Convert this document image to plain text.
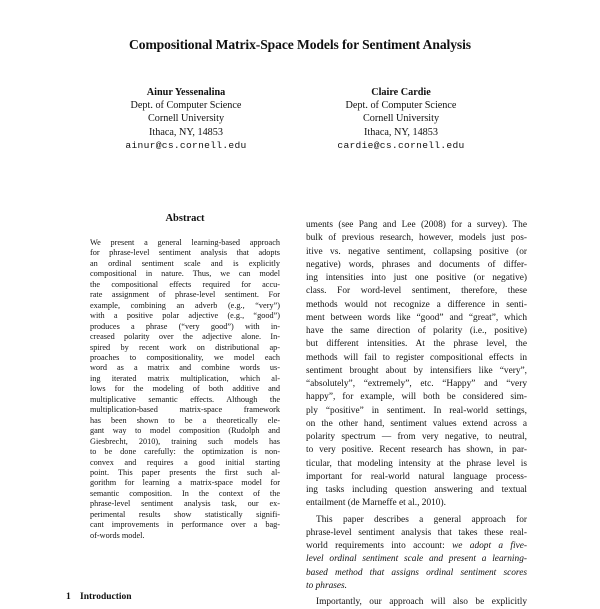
Compositional Matrix-Space Models for Sentiment Analysis
Ainur Yessenalina
Dept. of Computer Science
Cornell University
Ithaca, NY, 14853
ainur@cs.cornell.edu
Claire Cardie
Dept. of Computer Science
Cornell University
Ithaca, NY, 14853
cardie@cs.cornell.edu
Abstract
We present a general learning-based approach
for phrase-level sentiment analysis that adopts
an ordinal sentiment scale and is explicitly
compositional in nature. Thus, we can model
the compositional effects required for accu-
rate assignment of phrase-level sentiment. For
example, combining an adverb (e.g., “very”)
with a positive polar adjective (e.g., “good”)
produces a phrase (“very good”) with in-
creased polarity over the adjective alone. In-
spired by recent work on distributional ap-
proaches to compositionality, we model each
word as a matrix and combine words us-
ing iterated matrix multiplication, which al-
lows for the modeling of both additive and
multiplicative semantic effects. Although the
multiplication-based matrix-space framework
has been shown to be a theoretically ele-
gant way to model composition (Rudolph and
Giesbrecht, 2010), training such models has
to be done carefully: the optimization is non-
convex and requires a good initial starting
point. This paper presents the first such al-
gorithm for learning a matrix-space model for
semantic composition. In the context of the
phrase-level sentiment analysis task, our ex-
perimental results show statistically signifi-
cant improvements in performance over a bag-
of-words model.
uments (see Pang and Lee (2008) for a survey). The
bulk of previous research, however, models just pos-
itive vs. negative sentiment, collapsing positive (or
negative) words, phrases and documents of differ-
ing intensities into just one positive (or negative)
class. For word-level sentiment, therefore, these
methods would not recognize a difference in senti-
ment between words like “good” and “great”, which
have the same direction of polarity (i.e., positive)
but different intensities. At the phrase level, the
methods will fail to register compositional effects in
sentiment brought about by intensifiers like “very”,
“absolutely”, “extremely”, etc. “Happy” and “very
happy”, for example, will both be considered sim-
ply “positive” in sentiment. In real-world settings,
on the other hand, sentiment values extend across a
polarity spectrum — from very negative, to neutral,
to very positive. Recent research has shown, in par-
ticular, that modeling intensity at the phrase level is
important for real-world natural language process-
ing tasks including question answering and textual
entailment (de Marneffe et al., 2010).
This paper describes a general approach for
phrase-level sentiment analysis that takes these real-
world requirements into account: we adopt a five-
level ordinal sentiment scale and present a learning-
based method that assigns ordinal sentiment scores
to phrases.
Importantly, our approach will also be explicitly
1 Introduction
